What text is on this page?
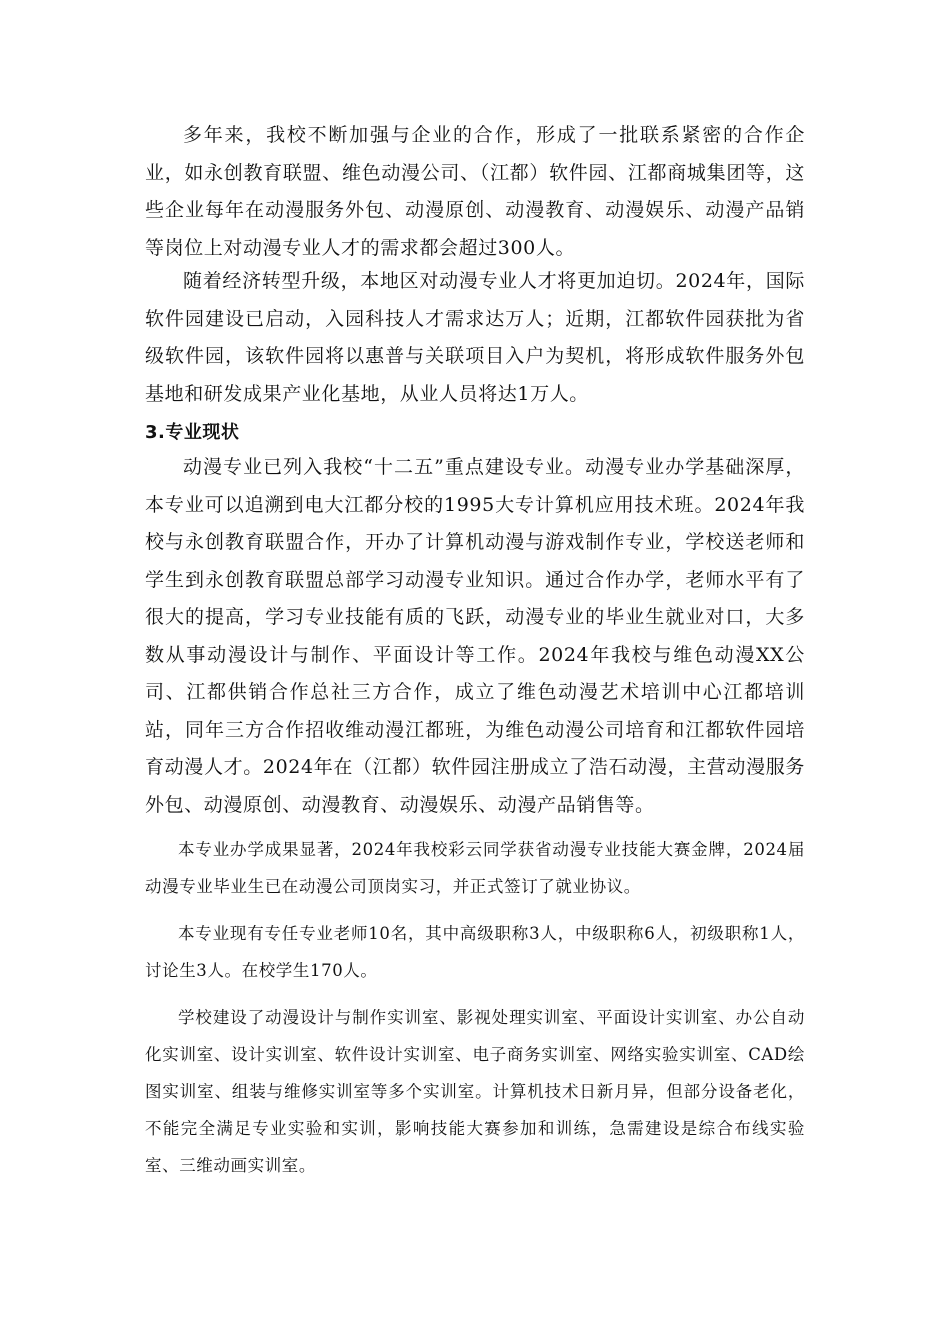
多年来，我校不断加强与企业的合作，形成了一批联系紧密的合作企业，如永创教育联盟、维色动漫公司、（江都）软件园、江都商城集团等，这些企业每年在动漫服务外包、动漫原创、动漫教育、动漫娱乐、动漫产品销等岗位上对动漫专业人才的需求都会超过300人。

随着经济转型升级，本地区对动漫专业人才将更加迫切。2024年，国际软件园建设已启动，入园科技人才需求达万人；近期，江都软件园获批为省级软件园，该软件园将以惠普与关联项目入户为契机，将形成软件服务外包基地和研发成果产业化基地，从业人员将达1万人。

3.专业现状

动漫专业已列入我校“十二五”重点建设专业。动漫专业办学基础深厚，本专业可以追溯到电大江都分校的1995大专计算机应用技术班。2024年我校与永创教育联盟合作，开办了计算机动漫与游戏制作专业，学校送老师和学生到永创教育联盟总部学习动漫专业知识。通过合作办学，老师水平有了很大的提高，学习专业技能有质的飞跃，动漫专业的毕业生就业对口，大多数从事动漫设计与制作、平面设计等工作。2024年我校与维色动漫XX公司、江都供销合作总社三方合作，成立了维色动漫艺术培训中心江都培训站，同年三方合作招收维动漫江都班，为维色动漫公司培育和江都软件园培育动漫人才。2024年在（江都）软件园注册成立了浩石动漫，主营动漫服务外包、动漫原创、动漫教育、动漫娱乐、动漫产品销售等。

本专业办学成果显著，2024年我校彩云同学获省动漫专业技能大赛金牌，2024届动漫专业毕业生已在动漫公司顶岗实习，并正式签订了就业协议。

本专业现有专任专业老师10名，其中高级职称3人，中级职称6人，初级职称1人，讨论生3人。在校学生170人。

学校建设了动漫设计与制作实训室、影视处理实训室、平面设计实训室、办公自动化实训室、设计实训室、软件设计实训室、电子商务实训室、网络实验实训室、CAD绘图实训室、组装与维修实训室等多个实训室。计算机技术日新月异，但部分设备老化，不能完全满足专业实验和实训，影响技能大赛参加和训练，急需建设是综合布线实验室、三维动画实训室。
